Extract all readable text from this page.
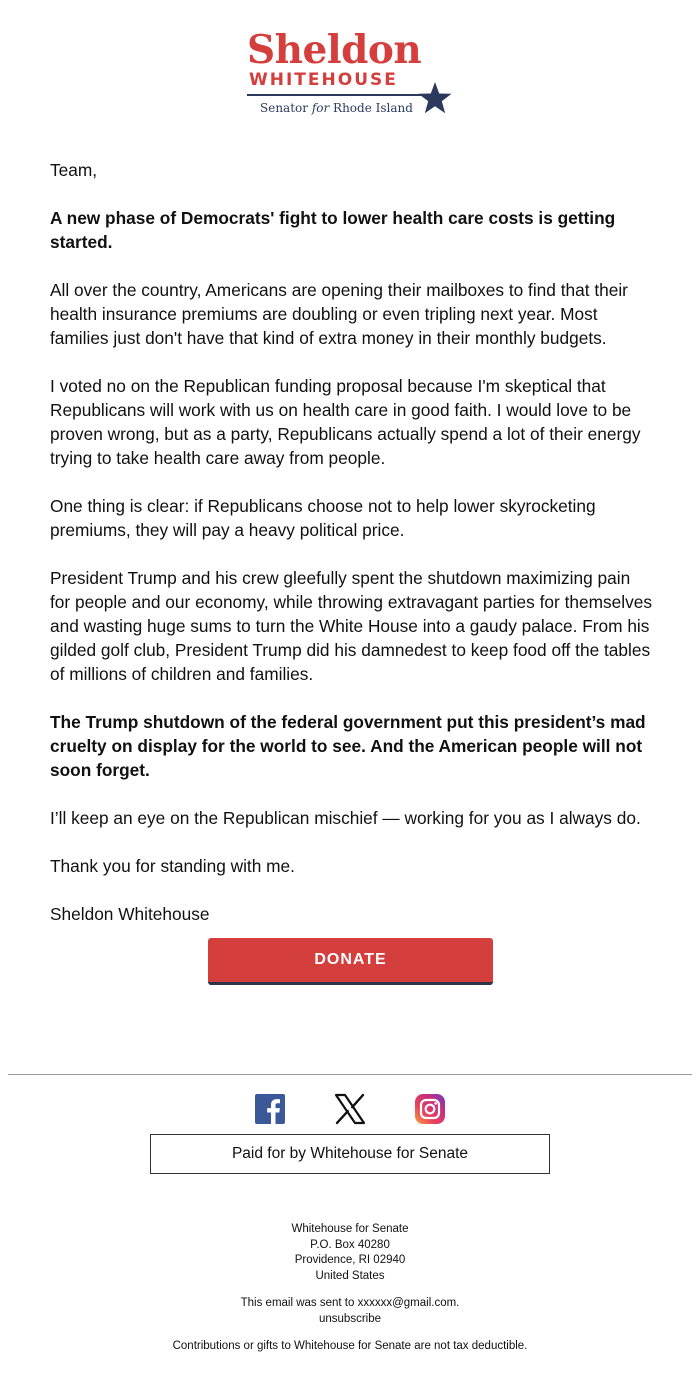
Sheldon
WHITEHOUSE
Senator for Rhode Island

Team,

A new phase of Democrats' fight to lower health care costs is getting started.

All over the country, Americans are opening their mailboxes to find that their health insurance premiums are doubling or even tripling next year. Most families just don't have that kind of extra money in their monthly budgets.

I voted no on the Republican funding proposal because I'm skeptical that Republicans will work with us on health care in good faith. I would love to be proven wrong, but as a party, Republicans actually spend a lot of their energy trying to take health care away from people.

One thing is clear: if Republicans choose not to help lower skyrocketing premiums, they will pay a heavy political price.

President Trump and his crew gleefully spent the shutdown maximizing pain for people and our economy, while throwing extravagant parties for themselves and wasting huge sums to turn the White House into a gaudy palace. From his gilded golf club, President Trump did his damnedest to keep food off the tables of millions of children and families.

The Trump shutdown of the federal government put this president’s mad cruelty on display for the world to see. And the American people will not soon forget.

I’ll keep an eye on the Republican mischief — working for you as I always do.

Thank you for standing with me.

Sheldon Whitehouse

DONATE
Paid for by Whitehouse for Senate
Whitehouse for Senate
P.O. Box 40280
Providence, RI 02940
United States
This email was sent to xxxxxx@gmail.com.
unsubscribe
Contributions or gifts to Whitehouse for Senate are not tax deductible.
